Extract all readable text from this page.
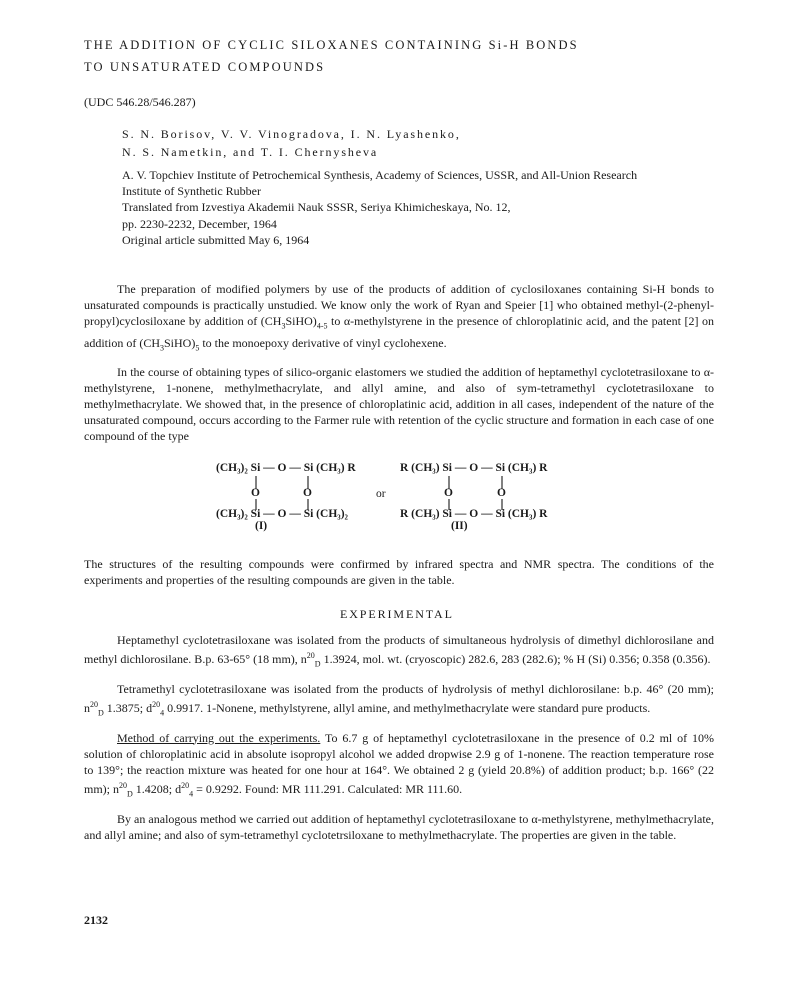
THE ADDITION OF CYCLIC SILOXANES CONTAINING Si-H BONDS
TO UNSATURATED COMPOUNDS
(UDC 546.28/546.287)
S. N. Borisov, V. V. Vinogradova, I. N. Lyashenko,
N. S. Nametkin, and T. I. Chernysheva
A. V. Topchiev Institute of Petrochemical Synthesis, Academy of Sciences, USSR, and All-Union Research
Institute of Synthetic Rubber
Translated from Izvestiya Akademii Nauk SSSR, Seriya Khimicheskaya, No. 12,
pp. 2230-2232, December, 1964
Original article submitted May 6, 1964

The preparation of modified polymers by use of the products of addition of cyclosiloxanes containing Si-H bonds to unsaturated compounds is practically unstudied. We know only the work of Ryan and Speier [1] who obtained methyl-(2-phenyl-propyl)cyclosiloxane by addition of $(CH_3SiHO)_{4-5}$ to α-methylstyrene in the presence of chloroplatinic acid, and the patent [2] on addition of $(CH_3SiHO)_5$ to the monoepoxy derivative of vinyl cyclohexene.

In the course of obtaining types of silico-organic elastomers we studied the addition of heptamethyl cyclotetrasiloxane to α-methylstyrene, 1-nonene, methylmethacrylate, and allyl amine, and also of sym-tetramethyl cyclotetrasiloxane to methylmethacrylate. We showed that, in the presence of chloroplatinic acid, addition in all cases, independent of the nature of the unsaturated compound, occurs according to the Farmer rule with retention of the cyclic structure and formation in each case of one compound of the type

(CH₃)₂ Si — O — Si (CH₃) R
(CH₃)₂ Si — O — Si (CH₃)₂
(I)
O	O	or
R (CH₃) Si — O — Si (CH₃) R
R (CH₃) Si — O — Si (CH₃) R
(II)
O	O
The structures of the resulting compounds were confirmed by infrared spectra and NMR spectra. The conditions of the experiments and properties of the resulting compounds are given in the table.
EXPERIMENTAL

Heptamethyl cyclotetrasiloxane was isolated from the products of simultaneous hydrolysis of dimethyl dichlorosilane and methyl dichlorosilane. B.p. 63-65° (18 mm), $n^{20}_D$ 1.3924, mol. wt. (cryoscopic) 282.6, 283 (282.6); % H (Si) 0.356; 0.358 (0.356).

Tetramethyl cyclotetrasiloxane was isolated from the products of hydrolysis of methyl dichlorosilane: b.p. 46° (20 mm); $n^{20}_D$ 1.3875; $d^{20}_4$ 0.9917. 1-Nonene, methylstyrene, allyl amine, and methylmethacrylate were standard pure products.

Method of carrying out the experiments. To 6.7 g of heptamethyl cyclotetrasiloxane in the presence of 0.2 ml of 10% solution of chloroplatinic acid in absolute isopropyl alcohol we added dropwise 2.9 g of 1-nonene. The reaction temperature rose to 139°; the reaction mixture was heated for one hour at 164°. We obtained 2 g (yield 20.8%) of addition product; b.p. 166° (22 mm); $n^{20}_D$ 1.4208; $d^{20}_4 = 0.9292$. Found: MR 111.291. Calculated: MR 111.60.

By an analogous method we carried out addition of heptamethyl cyclotetrasiloxane to α-methylstyrene, methylmethacrylate, and allyl amine; and also of sym-tetramethyl cyclotetrsiloxane to methylmethacrylate. The properties are given in the table.

2132
